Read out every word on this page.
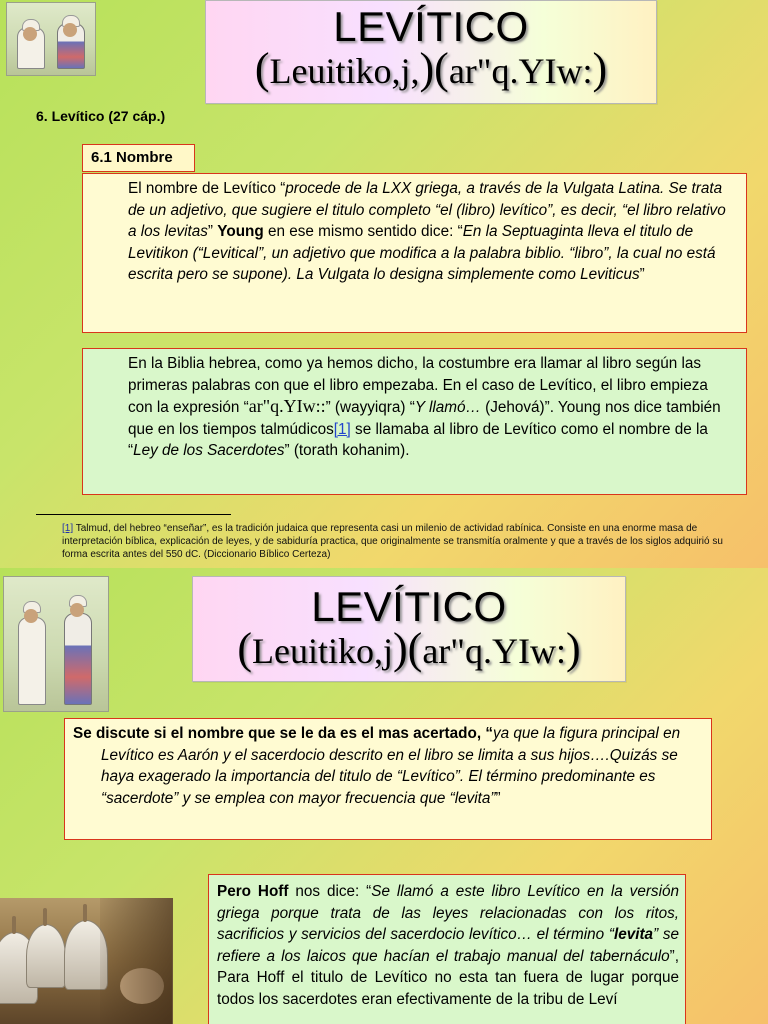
LEVÍTICO
(Leuitiko,j,)(ar"q.YIw:)
6. Levítico (27 cáp.)
6.1 Nombre
El nombre de Levítico “procede de la LXX griega, a través de la Vulgata Latina. Se trata de un adjetivo, que sugiere el titulo completo “el (libro) levítico”, es decir, “el libro relativo a los levitas” Young en ese mismo sentido dice: “En la Septuaginta lleva el titulo de Levitikon (“Levitical”, un adjetivo que modifica a la palabra biblio. “libro”, la cual no está escrita pero se supone). La Vulgata lo designa simplemente como Leviticus”
En la Biblia hebrea, como ya hemos dicho, la costumbre era llamar al libro según las primeras palabras con que el libro empezaba. En el caso de Levítico, el libro empieza con la expresión “ar"q.YIw::” (wayyiqra) “Y llamó… (Jehová)”. Young nos dice también que en los tiempos talmúdicos[1] se llamaba al libro de Levítico como el nombre de la “Ley de los Sacerdotes” (torath kohanim).
[1] Talmud, del hebreo “enseñar”, es la tradición judaica que representa casi un milenio de actividad rabínica. Consiste en una enorme masa de interpretación bíblica, explicación de leyes, y de sabiduría practica, que originalmente se transmitía oralmente y que a través de los siglos adquirió su forma escrita antes del 550 dC. (Diccionario Bíblico Certeza)
LEVÍTICO
(Leuitiko,j)(ar"q.YIw:)
Se discute si el nombre que se le da es el mas acertado, “ya que la figura principal en Levítico es Aarón y el sacerdocio descrito en el libro se limita a sus hijos….Quizás se haya exagerado la importancia del titulo de “Levítico”. El término predominante es “sacerdote” y se emplea con mayor frecuencia que “levita””
Pero Hoff nos dice: “Se llamó a este libro Levítico en la versión griega porque trata de las leyes relacionadas con los ritos, sacrificios y servicios del sacerdocio levítico… el término “levita” se refiere a los laicos que hacían el trabajo manual del tabernáculo”, Para Hoff el titulo de Levítico no esta tan fuera de lugar porque todos los sacerdotes eran efectivamente de la tribu de Leví
